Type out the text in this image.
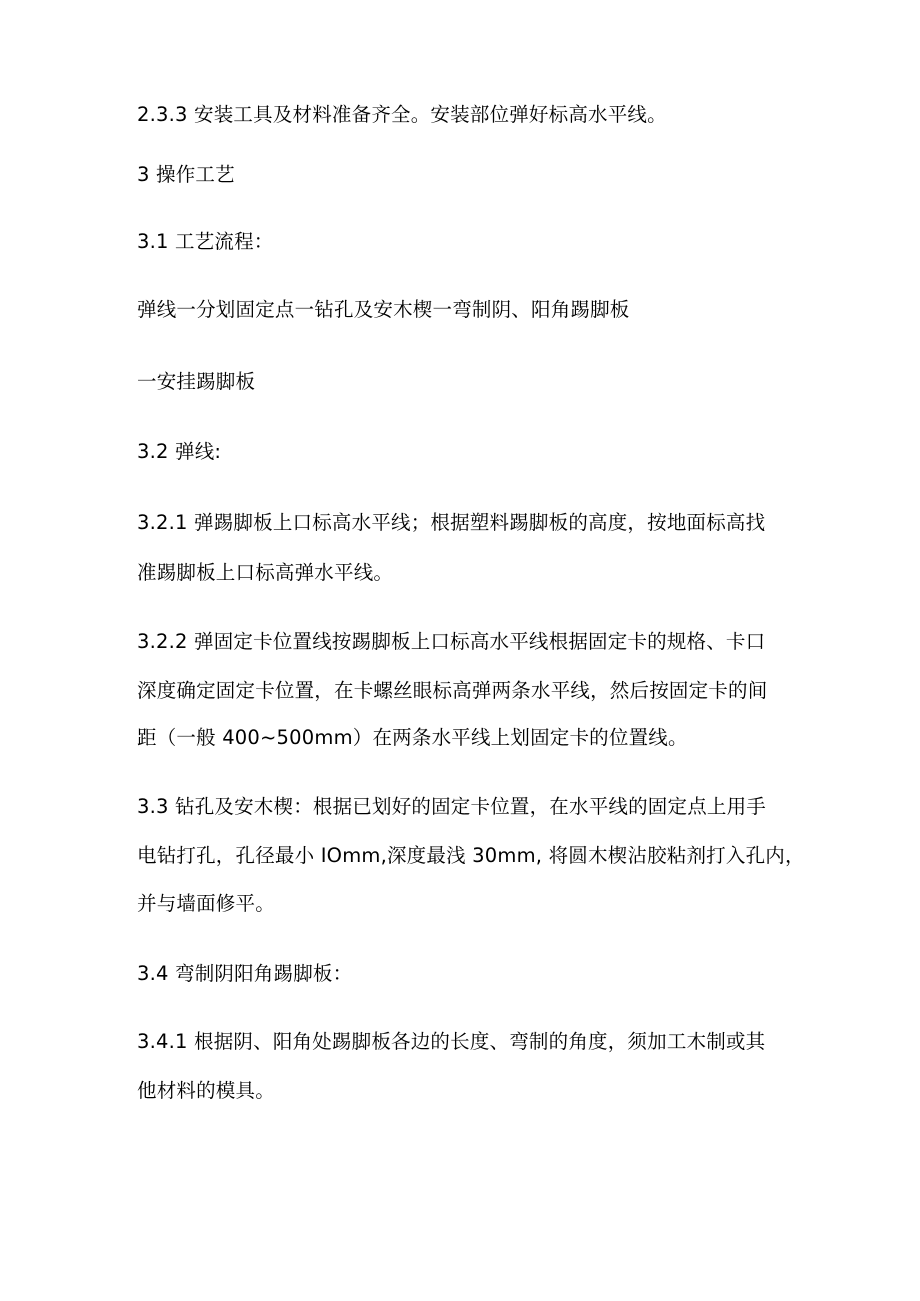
2.3.3 安装工具及材料准备齐全。安装部位弹好标高水平线。
3 操作工艺
3.1 工艺流程：
弹线一分划固定点一钻孔及安木楔一弯制阴、阳角踢脚板
一安挂踢脚板
3.2 弹线:
3.2.1 弹踢脚板上口标高水平线；根据塑料踢脚板的高度，按地面标高找
准踢脚板上口标高弹水平线。
3.2.2 弹固定卡位置线按踢脚板上口标高水平线根据固定卡的规格、卡口
深度确定固定卡位置，在卡螺丝眼标高弹两条水平线，然后按固定卡的间
距（一般 400~500mm）在两条水平线上划固定卡的位置线。
3.3 钻孔及安木楔：根据已划好的固定卡位置，在水平线的固定点上用手
电钻打孔，孔径最小 IOmm,深度最浅 30mm, 将圆木楔沾胶粘剂打入孔内，
并与墙面修平。
3.4 弯制阴阳角踢脚板：
3.4.1 根据阴、阳角处踢脚板各边的长度、弯制的角度，须加工木制或其
他材料的模具。
